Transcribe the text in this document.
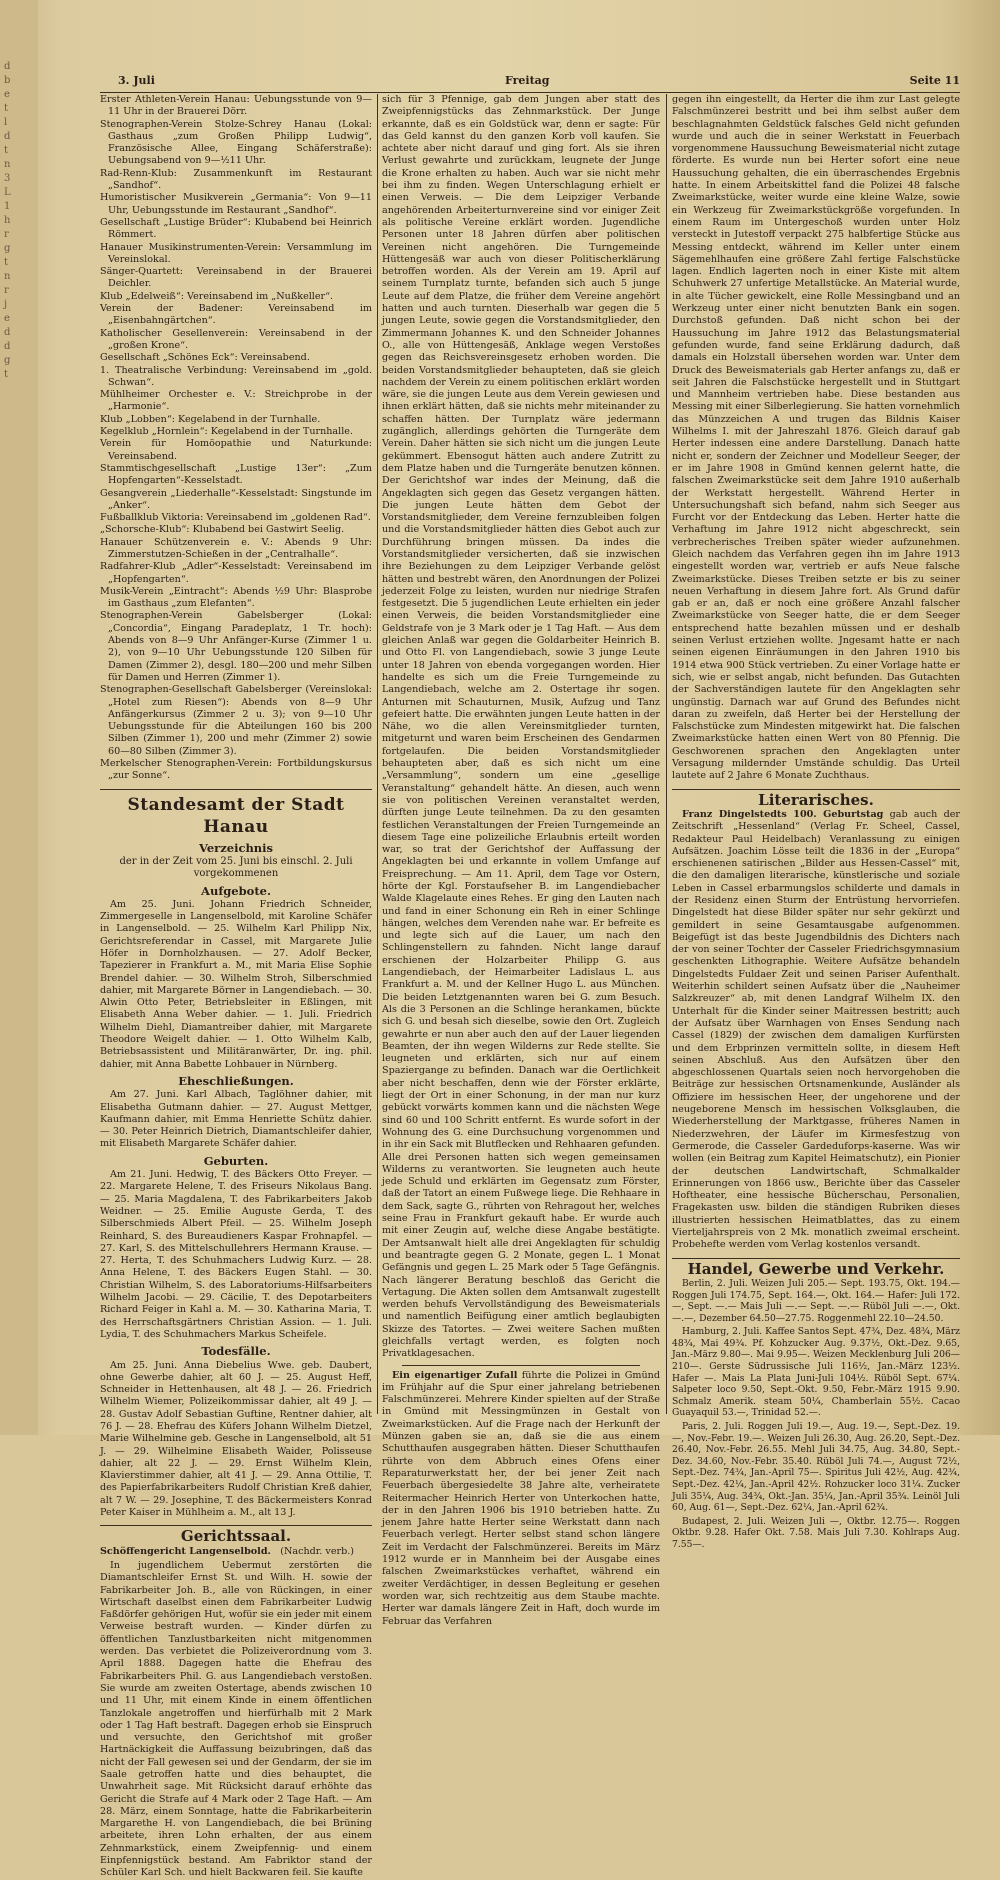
d
b
e
t
l
d
t
n
3
L
1
h
r
g
t
n
r
j
e
d
d
g
t
3. Juli	Freitag	Seite 11

Erster Athleten-Verein Hanau: Uebungsstunde von 9—11 Uhr in der Brauerei Dörr.

Stenographen-Verein Stolze-Schrey Hanau (Lokal: Gasthaus „zum Großen Philipp Ludwig“, Französische Allee, Eingang Schäferstraße): Uebungsabend von 9—½11 Uhr.

Rad-Renn-Klub: Zusammenkunft im Restaurant „Sandhof“.

Humoristischer Musikverein „Germania“: Von 9—11 Uhr, Uebungsstunde im Restaurant „Sandhof“.

Gesellschaft „Lustige Brüder“: Klubabend bei Heinrich Römmert.

Hanauer Musikinstrumenten-Verein: Versammlung im Vereinslokal.

Sänger-Quartett: Vereinsabend in der Brauerei Deichler.

Klub „Edelweiß“: Vereinsabend im „Nußkeller“.

Verein der Badener: Vereinsabend im „Eisenbahngärtchen“.

Katholischer Gesellenverein: Vereinsabend in der „großen Krone“.

Gesellschaft „Schönes Eck“: Vereinsabend.

1. Theatralische Verbindung: Vereinsabend im „gold. Schwan“.

Mühlheimer Orchester e. V.: Streichprobe in der „Harmonie“.

Klub „Lobben“: Kegelabend in der Turnhalle.

Kegelklub „Hornlein“: Kegelabend in der Turnhalle.

Verein für Homöopathie und Naturkunde: Vereinsabend.

Stammtischgesellschaft „Lustige 13er“: „Zum Hopfengarten“-Kesselstadt.

Gesangverein „Liederhalle“-Kesselstadt: Singstunde im „Anker“.

Fußballklub Viktoria: Vereinsabend im „goldenen Rad“.

„Schorsche-Klub“: Klubabend bei Gastwirt Seelig.

Hanauer Schützenverein e. V.: Abends 9 Uhr: Zimmerstutzen-Schießen in der „Centralhalle“.

Radfahrer-Klub „Adler“-Kesselstadt: Vereinsabend im „Hopfengarten“.

Musik-Verein „Eintracht“: Abends ½9 Uhr: Blasprobe im Gasthaus „zum Elefanten“.

Stenographen-Verein Gabelsberger (Lokal: „Concordia“, Eingang Paradeplatz, 1 Tr. hoch): Abends von 8—9 Uhr Anfänger-Kurse (Zimmer 1 u. 2), von 9—10 Uhr Uebungsstunde 120 Silben für Damen (Zimmer 2), desgl. 180—200 und mehr Silben für Damen und Herren (Zimmer 1).

Stenographen-Gesellschaft Gabelsberger (Vereinslokal: „Hotel zum Riesen“): Abends von 8—9 Uhr Anfängerkursus (Zimmer 2 u. 3); von 9—10 Uhr Uebungsstunde für die Abteilungen 160 bis 200 Silben (Zimmer 1), 200 und mehr (Zimmer 2) sowie 60—80 Silben (Zimmer 3).

Merkelscher Stenographen-Verein: Fortbildungskursus „zur Sonne“.

Standesamt der Stadt Hanau
Verzeichnis
der in der Zeit vom 25. Juni bis einschl. 2. Juli vorgekommenen
Aufgebote.

Am 25. Juni. Johann Friedrich Schneider, Zimmergeselle in Langenselbold, mit Karoline Schäfer in Langenselbold. — 25. Wilhelm Karl Philipp Nix, Gerichtsreferendar in Cassel, mit Margarete Julie Höfer in Dornholzhausen. — 27. Adolf Becker, Tapezierer in Frankfurt a. M., mit Maria Elise Sophie Brendel dahier. — 30. Wilhelm Stroh, Silberschmied dahier, mit Margarete Börner in Langendiebach. — 30. Alwin Otto Peter, Betriebsleiter in Eßlingen, mit Elisabeth Anna Weber dahier. — 1. Juli. Friedrich Wilhelm Diehl, Diamantreiber dahier, mit Margarete Theodore Weigelt dahier. — 1. Otto Wilhelm Kalb, Betriebsassistent und Militäranwärter, Dr. ing. phil. dahier, mit Anna Babette Lohbauer in Nürnberg.

Eheschließungen.

Am 27. Juni. Karl Albach, Taglöhner dahier, mit Elisabetha Gutmann dahier. — 27. August Mettger, Kaufmann dahier, mit Emma Henriette Schütz dahier. — 30. Peter Heinrich Dietrich, Diamantschleifer dahier, mit Elisabeth Margarete Schäfer dahier.

Geburten.

Am 21. Juni. Hedwig, T. des Bäckers Otto Freyer. — 22. Margarete Helene, T. des Friseurs Nikolaus Bang. — 25. Maria Magdalena, T. des Fabrikarbeiters Jakob Weidner. — 25. Emilie Auguste Gerda, T. des Silberschmieds Albert Pfeil. — 25. Wilhelm Joseph Reinhard, S. des Bureaudieners Kaspar Frohnapfel. — 27. Karl, S. des Mittelschullehrers Hermann Krause. — 27. Herta, T. des Schuhmachers Ludwig Kurz. — 28. Anna Helene, T. des Bäckers Eugen Stahl. — 30. Christian Wilhelm, S. des Laboratoriums-Hilfsarbeiters Wilhelm Jacobi. — 29. Cäcilie, T. des Depotarbeiters Richard Feiger in Kahl a. M. — 30. Katharina Maria, T. des Herrschaftsgärtners Christian Assion. — 1. Juli. Lydia, T. des Schuhmachers Markus Scheifele.

Todesfälle.

Am 25. Juni. Anna Diebelius Wwe. geb. Daubert, ohne Gewerbe dahier, alt 60 J. — 25. August Heff, Schneider in Hettenhausen, alt 48 J. — 26. Friedrich Wilhelm Wiemer, Polizeikommissar dahier, alt 49 J. — 28. Gustav Adolf Sebastian Guftine, Rentner dahier, alt 76 J. — 28. Ehefrau des Küfers Johann Wilhelm Dietzel, Marie Wilhelmine geb. Gesche in Langenselbold, alt 51 J. — 29. Wilhelmine Elisabeth Waider, Polisseuse dahier, alt 22 J. — 29. Ernst Wilhelm Klein, Klavierstimmer dahier, alt 41 J. — 29. Anna Ottilie, T. des Papierfabrikarbeiters Rudolf Christian Kreß dahier, alt 7 W. — 29. Josephine, T. des Bäckermeisters Konrad Peter Kaiser in Mühlheim a. M., alt 13 J.

Gerichtssaal.
Schöffengericht Langenselbold. (Nachdr. verb.)

In jugendlichem Uebermut zerstörten die Diamantschleifer Ernst St. und Wilh. H. sowie der Fabrikarbeiter Joh. B., alle von Rückingen, in einer Wirtschaft daselbst einen dem Fabrikarbeiter Ludwig Faßdörfer gehörigen Hut, wofür sie ein jeder mit einem Verweise bestraft wurden. — Kinder dürfen zu öffentlichen Tanzlustbarkeiten nicht mitgenommen werden. Das verbietet die Polizeiverordnung vom 3. April 1888. Dagegen hatte die Ehefrau des Fabrikarbeiters Phil. G. aus Langendiebach verstoßen. Sie wurde am zweiten Ostertage, abends zwischen 10 und 11 Uhr, mit einem Kinde in einem öffentlichen Tanzlokale angetroffen und hierfürhalb mit 2 Mark oder 1 Tag Haft bestraft. Dagegen erhob sie Einspruch und versuchte, den Gerichtshof mit großer Hartnäckigkeit die Auffassung beizubringen, daß das nicht der Fall gewesen sei und der Gendarm, der sie im Saale getroffen hatte und dies behauptet, die Unwahrheit sage. Mit Rücksicht darauf erhöhte das Gericht die Strafe auf 4 Mark oder 2 Tage Haft. — Am 28. März, einem Sonntage, hatte die Fabrikarbeiterin Margarethe H. von Langendiebach, die bei Brüning arbeitete, ihren Lohn erhalten, der aus einem Zehnmarkstück, einem Zweipfennig- und einem Einpfennigstück bestand. Am Fabriktor stand der Schüler Karl Sch. und hielt Backwaren feil. Sie kaufte

sich für 3 Pfennige, gab dem Jungen aber statt des Zweipfennigstücks das Zehnmarkstück. Der Junge erkannte, daß es ein Goldstück war, denn er sagte: Für das Geld kannst du den ganzen Korb voll kaufen. Sie achtete aber nicht darauf und ging fort. Als sie ihren Verlust gewahrte und zurückkam, leugnete der Junge die Krone erhalten zu haben. Auch war sie nicht mehr bei ihm zu finden. Wegen Unterschlagung erhielt er einen Verweis. — Die dem Leipziger Verbande angehörenden Arbeiterturnvereine sind vor einiger Zeit als politische Vereine erklärt worden. Jugendliche Personen unter 18 Jahren dürfen aber politischen Vereinen nicht angehören. Die Turngemeinde Hüttengesäß war auch von dieser Politischerklärung betroffen worden. Als der Verein am 19. April auf seinem Turnplatz turnte, befanden sich auch 5 junge Leute auf dem Platze, die früher dem Vereine angehört hatten und auch turnten. Dieserhalb war gegen die 5 jungen Leute, sowie gegen die Vorstandsmitglieder, den Zimmermann Johannes K. und den Schneider Johannes O., alle von Hüttengesäß, Anklage wegen Verstoßes gegen das Reichsvereinsgesetz erhoben worden. Die beiden Vorstandsmitglieder behaupteten, daß sie gleich nachdem der Verein zu einem politischen erklärt worden wäre, sie die jungen Leute aus dem Verein gewiesen und ihnen erklärt hätten, daß sie nichts mehr miteinander zu schaffen hätten. Der Turnplatz wäre jedermann zugänglich, allerdings gehörten die Turngeräte dem Verein. Daher hätten sie sich nicht um die jungen Leute gekümmert. Ebensogut hätten auch andere Zutritt zu dem Platze haben und die Turngeräte benutzen können. Der Gerichtshof war indes der Meinung, daß die Angeklagten sich gegen das Gesetz vergangen hätten. Die jungen Leute hätten dem Gebot der Vorstandsmitglieder, dem Vereine fernzubleiben folgen und die Vorstandsmitglieder hätten dies Gebot auch zur Durchführung bringen müssen. Da indes die Vorstandsmitglieder versicherten, daß sie inzwischen ihre Beziehungen zu dem Leipziger Verbande gelöst hätten und bestrebt wären, den Anordnungen der Polizei jederzeit Folge zu leisten, wurden nur niedrige Strafen festgesetzt. Die 5 jugendlichen Leute erhielten ein jeder einen Verweis, die beiden Vorstandsmitglieder eine Geldstrafe von je 3 Mark oder je 1 Tag Haft. — Aus dem gleichen Anlaß war gegen die Goldarbeiter Heinrich B. und Otto Fl. von Langendiebach, sowie 3 junge Leute unter 18 Jahren von ebenda vorgegangen worden. Hier handelte es sich um die Freie Turngemeinde zu Langendiebach, welche am 2. Ostertage ihr sogen. Anturnen mit Schauturnen, Musik, Aufzug und Tanz gefeiert hatte. Die erwähnten jungen Leute hatten in der Nähe, wo die allen Vereinsmitglieder turnten, mitgeturnt und waren beim Erscheinen des Gendarmen fortgelaufen. Die beiden Vorstandsmitglieder behaupteten aber, daß es sich nicht um eine „Versammlung“, sondern um eine „gesellige Veranstaltung“ gehandelt hätte. An diesen, auch wenn sie von politischen Vereinen veranstaltet werden, dürften junge Leute teilnehmen. Da zu den gesamten festlichen Veranstaltungen der Freien Turngemeinde an diesem Tage eine polizeiliche Erlaubnis erteilt worden war, so trat der Gerichtshof der Auffassung der Angeklagten bei und erkannte in vollem Umfange auf Freisprechung. — Am 11. April, dem Tage vor Ostern, hörte der Kgl. Forstaufseher B. im Langendiebacher Walde Klagelaute eines Rehes. Er ging den Lauten nach und fand in einer Schonung ein Reh in einer Schlinge hängen, welches dem Verenden nahe war. Er befreite es und legte sich auf die Lauer, um nach den Schlingenstellern zu fahnden. Nicht lange darauf erschienen der Holzarbeiter Philipp G. aus Langendiebach, der Heimarbeiter Ladislaus L. aus Frankfurt a. M. und der Kellner Hugo L. aus München. Die beiden Letztgenannten waren bei G. zum Besuch. Als die 3 Personen an die Schlinge herankamen, bückte sich G. und besah sich dieselbe, sowie den Ort. Zugleich gewahrte er nun aber auch den auf der Lauer liegenden Beamten, der ihn wegen Wilderns zur Rede stellte. Sie leugneten und erklärten, sich nur auf einem Spaziergange zu befinden. Danach war die Oertlichkeit aber nicht beschaffen, denn wie der Förster erklärte, liegt der Ort in einer Schonung, in der man nur kurz gebückt vorwärts kommen kann und die nächsten Wege sind 60 und 100 Schritt entfernt. Es wurde sofort in der Wohnung des G. eine Durchsuchung vorgenommen und in ihr ein Sack mit Blutflecken und Rehhaaren gefunden. Alle drei Personen hatten sich wegen gemeinsamen Wilderns zu verantworten. Sie leugneten auch heute jede Schuld und erklärten im Gegensatz zum Förster, daß der Tatort an einem Fußwege liege. Die Rehhaare in dem Sack, sagte G., rührten von Rehragout her, welches seine Frau in Frankfurt gekauft habe. Er wurde auch mit einer Zeugin auf, welche diese Angabe bestätigte. Der Amtsanwalt hielt alle drei Angeklagten für schuldig und beantragte gegen G. 2 Monate, gegen L. 1 Monat Gefängnis und gegen L. 25 Mark oder 5 Tage Gefängnis. Nach längerer Beratung beschloß das Gericht die Vertagung. Die Akten sollen dem Amtsanwalt zugestellt werden behufs Vervollständigung des Beweismaterials und namentlich Beifügung einer amtlich beglaubigten Skizze des Tatortes. — Zwei weitere Sachen mußten gleichfalls vertagt werden, es folgten noch Privatklagesachen.

Ein eigenartiger Zufall führte die Polizei in Gmünd im Frühjahr auf die Spur einer jahrelang betriebenen Falschmünzerei. Mehrere Kinder spielten auf der Straße in Gmünd mit Messingmünzen in Gestalt von Zweimarkstücken. Auf die Frage nach der Herkunft der Münzen gaben sie an, daß sie die aus einem Schutthaufen ausgegraben hätten. Dieser Schutthaufen rührte von dem Abbruch eines Ofens einer Reparaturwerkstatt her, der bei jener Zeit nach Feuerbach übergesiedelte 38 Jahre alte, verheiratete Reitermacher Heinrich Herter von Unterkochen hatte, der in den Jahren 1906 bis 1910 betrieben hatte. Zu jenem Jahre hatte Herter seine Werkstatt dann nach Feuerbach verlegt. Herter selbst stand schon längere Zeit im Verdacht der Falschmünzerei. Bereits im März 1912 wurde er in Mannheim bei der Ausgabe eines falschen Zweimarkstückes verhaftet, während ein zweiter Verdächtiger, in dessen Begleitung er gesehen worden war, sich rechtzeitig aus dem Staube machte. Herter war damals längere Zeit in Haft, doch wurde im Februar das Verfahren

gegen ihn eingestellt, da Herter die ihm zur Last gelegte Falschmünzerei bestritt und bei ihm selbst außer dem beschlagnahmten Geldstück falsches Geld nicht gefunden wurde und auch die in seiner Werkstatt in Feuerbach vorgenommene Haussuchung Beweismaterial nicht zutage förderte. Es wurde nun bei Herter sofort eine neue Haussuchung gehalten, die ein überraschendes Ergebnis hatte. In einem Arbeitskittel fand die Polizei 48 falsche Zweimarkstücke, weiter wurde eine kleine Walze, sowie ein Werkzeug für Zweimarkstückgröße vorgefunden. In einem Raum im Untergeschoß wurden unter Holz versteckt in Jutestoff verpackt 275 halbfertige Stücke aus Messing entdeckt, während im Keller unter einem Sägemehlhaufen eine größere Zahl fertige Falschstücke lagen. Endlich lagerten noch in einer Kiste mit altem Schuhwerk 27 unfertige Metallstücke. An Material wurde, in alte Tücher gewickelt, eine Rolle Messingband und an Werkzeug unter einer nicht benutzten Bank ein sogen. Durchstoß gefunden. Daß nicht schon bei der Haussuchung im Jahre 1912 das Belastungsmaterial gefunden wurde, fand seine Erklärung dadurch, daß damals ein Holzstall übersehen worden war. Unter dem Druck des Beweismaterials gab Herter anfangs zu, daß er seit Jahren die Falschstücke hergestellt und in Stuttgart und Mannheim vertrieben habe. Diese bestanden aus Messing mit einer Silberlegierung. Sie hatten vornehmlich das Münzzeichen A und trugen das Bildnis Kaiser Wilhelms I. mit der Jahreszahl 1876. Gleich darauf gab Herter indessen eine andere Darstellung. Danach hatte nicht er, sondern der Zeichner und Modelleur Seeger, der er im Jahre 1908 in Gmünd kennen gelernt hatte, die falschen Zweimarkstücke seit dem Jahre 1910 außerhalb der Werkstatt hergestellt. Während Herter in Untersuchungshaft sich befand, nahm sich Seeger aus Furcht vor der Entdeckung das Leben. Herter hatte die Verhaftung im Jahre 1912 nicht abgeschreckt, sein verbrecherisches Treiben später wieder aufzunehmen. Gleich nachdem das Verfahren gegen ihn im Jahre 1913 eingestellt worden war, vertrieb er aufs Neue falsche Zweimarkstücke. Dieses Treiben setzte er bis zu seiner neuen Verhaftung in diesem Jahre fort. Als Grund dafür gab er an, daß er noch eine größere Anzahl falscher Zweimarkstücke von Seeger hatte, die er dem Seeger entsprechend hatte bezahlen müssen und er deshalb seinen Verlust ertziehen wollte. Jngesamt hatte er nach seinen eigenen Einräumungen in den Jahren 1910 bis 1914 etwa 900 Stück vertrieben. Zu einer Vorlage hatte er sich, wie er selbst angab, nicht befunden. Das Gutachten der Sachverständigen lautete für den Angeklagten sehr ungünstig. Darnach war auf Grund des Befundes nicht daran zu zweifeln, daß Herter bei der Herstellung der Falschstücke zum Mindesten mitgewirkt hat. Die falschen Zweimarkstücke hatten einen Wert von 80 Pfennig. Die Geschworenen sprachen den Angeklagten unter Versagung mildernder Umstände schuldig. Das Urteil lautete auf 2 Jahre 6 Monate Zuchthaus.

Literarisches.

Franz Dingelstedts 100. Geburtstag gab auch der Zeitschrift „Hessenland“ (Verlag Fr. Scheel, Cassel, Redakteur Paul Heidelbach) Veranlassung zu einigen Aufsätzen. Joachim Lösse teilt die 1836 in der „Europa“ erschienenen satirischen „Bilder aus Hessen-Cassel“ mit, die den damaligen literarische, künstlerische und soziale Leben in Cassel erbarmungslos schilderte und damals in der Residenz einen Sturm der Entrüstung hervorriefen. Dingelstedt hat diese Bilder später nur sehr gekürzt und gemildert in seine Gesamtausgabe aufgenommen. Beigefügt ist das beste Jugendbildnis des Dichters nach der von seiner Tochter der Casseler Friedrichsgymnasium geschenkten Lithographie. Weitere Aufsätze behandeln Dingelstedts Fuldaer Zeit und seinen Pariser Aufenthalt. Weiterhin schildert seinen Aufsatz über die „Nauheimer Salzkreuzer“ ab, mit denen Landgraf Wilhelm IX. den Unterhalt für die Kinder seiner Maitressen bestritt; auch der Aufsatz über Warnhagen von Enses Sendung nach Cassel (1829) der zwischen dem damaligen Kurfürsten und dem Erbprinzen vermitteln sollte, in diesem Heft seinen Abschluß. Aus den Aufsätzen über den abgeschlossenen Quartals seien noch hervorgehoben die Beiträge zur hessischen Ortsnamenkunde, Ausländer als Offiziere im hessischen Heer, der ungehorene und der neugeborene Mensch im hessischen Volksglauben, die Wiederherstellung der Marktgasse, früheres Namen in Niederzwehren, der Läufer im Kirmesfestzug von Germerode, die Casseler Gardeduforps-kaserne. Was wir wollen (ein Beitrag zum Kapitel Heimatschutz), ein Pionier der deutschen Landwirtschaft, Schmalkalder Erinnerungen von 1866 usw., Berichte über das Casseler Hoftheater, eine hessische Bücherschau, Personalien, Fragekasten usw. bilden die ständigen Rubriken dieses illustrierten hessischen Heimatblattes, das zu einem Vierteljahrspreis von 2 Mk. monatlich zweimal erscheint. Probehefte werden vom Verlag kostenlos versandt.

Handel, Gewerbe und Verkehr.

Berlin, 2. Juli. Weizen Juli 205.— Sept. 193.75, Okt. 194.— Roggen Juli 174.75, Sept. 164.—, Okt. 164.— Hafer: Juli 172.—, Sept. —.— Mais Juli —.— Sept. —.— Rüböl Juli —.—, Okt. —.—, Dezember 64.50—27.75. Roggenmehl 22.10—24.50.

Hamburg, 2. Juli. Kaffee Santos Sept. 47¾, Dez. 48¾, März 48¾, Mai 49¾. Pf. Kohzucker Aug. 9.37½, Okt.-Dez. 9.65, Jan.-März 9.80—. Mai 9.95—. Weizen Mecklenburg Juli 206—210—. Gerste Südrussische Juli 116½, Jan.-März 123½. Hafer —. Mais La Plata Juni-Juli 104½. Rüböl Sept. 67¼. Salpeter loco 9.50, Sept.-Okt. 9.50, Febr.-März 1915 9.90. Schmalz Amerik. steam 50¼, Chamberlain 55½. Cacao Guayaquil 53.—, Trinidad 52.—.

Paris, 2. Juli. Roggen Juli 19.—, Aug. 19.—, Sept.-Dez. 19.—, Nov.-Febr. 19.—. Weizen Juli 26.30, Aug. 26.20, Sept.-Dez. 26.40, Nov.-Febr. 26.55. Mehl Juli 34.75, Aug. 34.80, Sept.-Dez. 34.60, Nov.-Febr. 35.40. Rüböl Juli 74.—, August 72½, Sept.-Dez. 74¾, Jan.-April 75—. Spiritus Juli 42½, Aug. 42¾, Sept.-Dez. 42¼, Jan.-April 42½. Rohzucker loco 31¼. Zucker Juli 35¼, Aug. 34¾, Okt.-Jan. 35¼, Jan.-April 35¾. Leinöl Juli 60, Aug. 61—, Sept.-Dez. 62¼, Jan.-April 62¾.

Budapest, 2. Juli. Weizen Juli —, Oktbr. 12.75—. Roggen Oktbr. 9.28. Hafer Okt. 7.58. Mais Juli 7.30. Kohlraps Aug. 7.55—.
